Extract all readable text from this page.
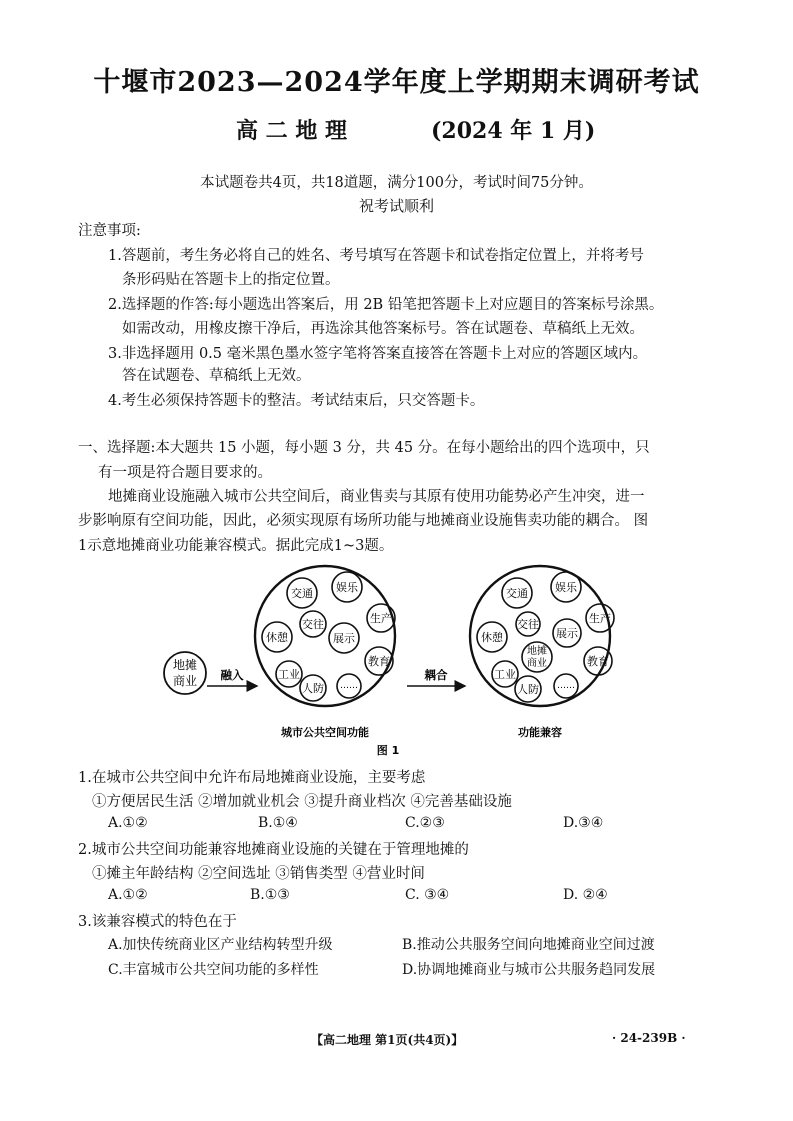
十堰市2023—2024学年度上学期期末调研考试
高 二 地 理	(2024 年 1 月)
本试题卷共4页，共18道题，满分100分，考试时间75分钟。
祝考试顺利
注意事项:
1.答题前，考生务必将自己的姓名、考号填写在答题卡和试卷指定位置上，并将考号
条形码贴在答题卡上的指定位置。
2.选择题的作答:每小题选出答案后，用 2B 铅笔把答题卡上对应题目的答案标号涂黑。
如需改动，用橡皮擦干净后，再选涂其他答案标号。答在试题卷、草稿纸上无效。
3.非选择题用 0.5 毫米黑色墨水签字笔将答案直接答在答题卡上对应的答题区域内。
答在试题卷、草稿纸上无效。
4.考生必须保持答题卡的整洁。考试结束后，只交答题卡。
一、选择题:本大题共 15 小题，每小题 3 分，共 45 分。在每小题给出的四个选项中，只
有一项是符合题目要求的。
地摊商业设施融入城市公共空间后，商业售卖与其原有使用功能势必产生冲突，进一
步影响原有空间功能，因此，必须实现原有场所功能与地摊商业设施售卖功能的耦合。 图
1示意地摊商业功能兼容模式。据此完成1~3题。
地摊
商业 融入
交通 娱乐
交往	生产
休憩	展示
教育
工业
人防 ……
城市公共空间功能
耦合
交通 娱乐
交往	生产
休憩	展示
地摊
商业	教育
工业
人防 ……
功能兼容
图 1
1.在城市公共空间中允许布局地摊商业设施，主要考虑
①方便居民生活 ②增加就业机会 ③提升商业档次 ④完善基础设施
A.①②	B.①④	C.②③	D.③④
2.城市公共空间功能兼容地摊商业设施的关键在于管理地摊的
①摊主年龄结构 ②空间选址 ③销售类型 ④营业时间
A.①②	B.①③	C. ③④	D. ②④
3.该兼容模式的特色在于
A.加快传统商业区产业结构转型升级	B.推动公共服务空间向地摊商业空间过渡
C.丰富城市公共空间功能的多样性	D.协调地摊商业与城市公共服务趋同发展
【高二地理 第1页(共4页)】	· 24-239B ·
